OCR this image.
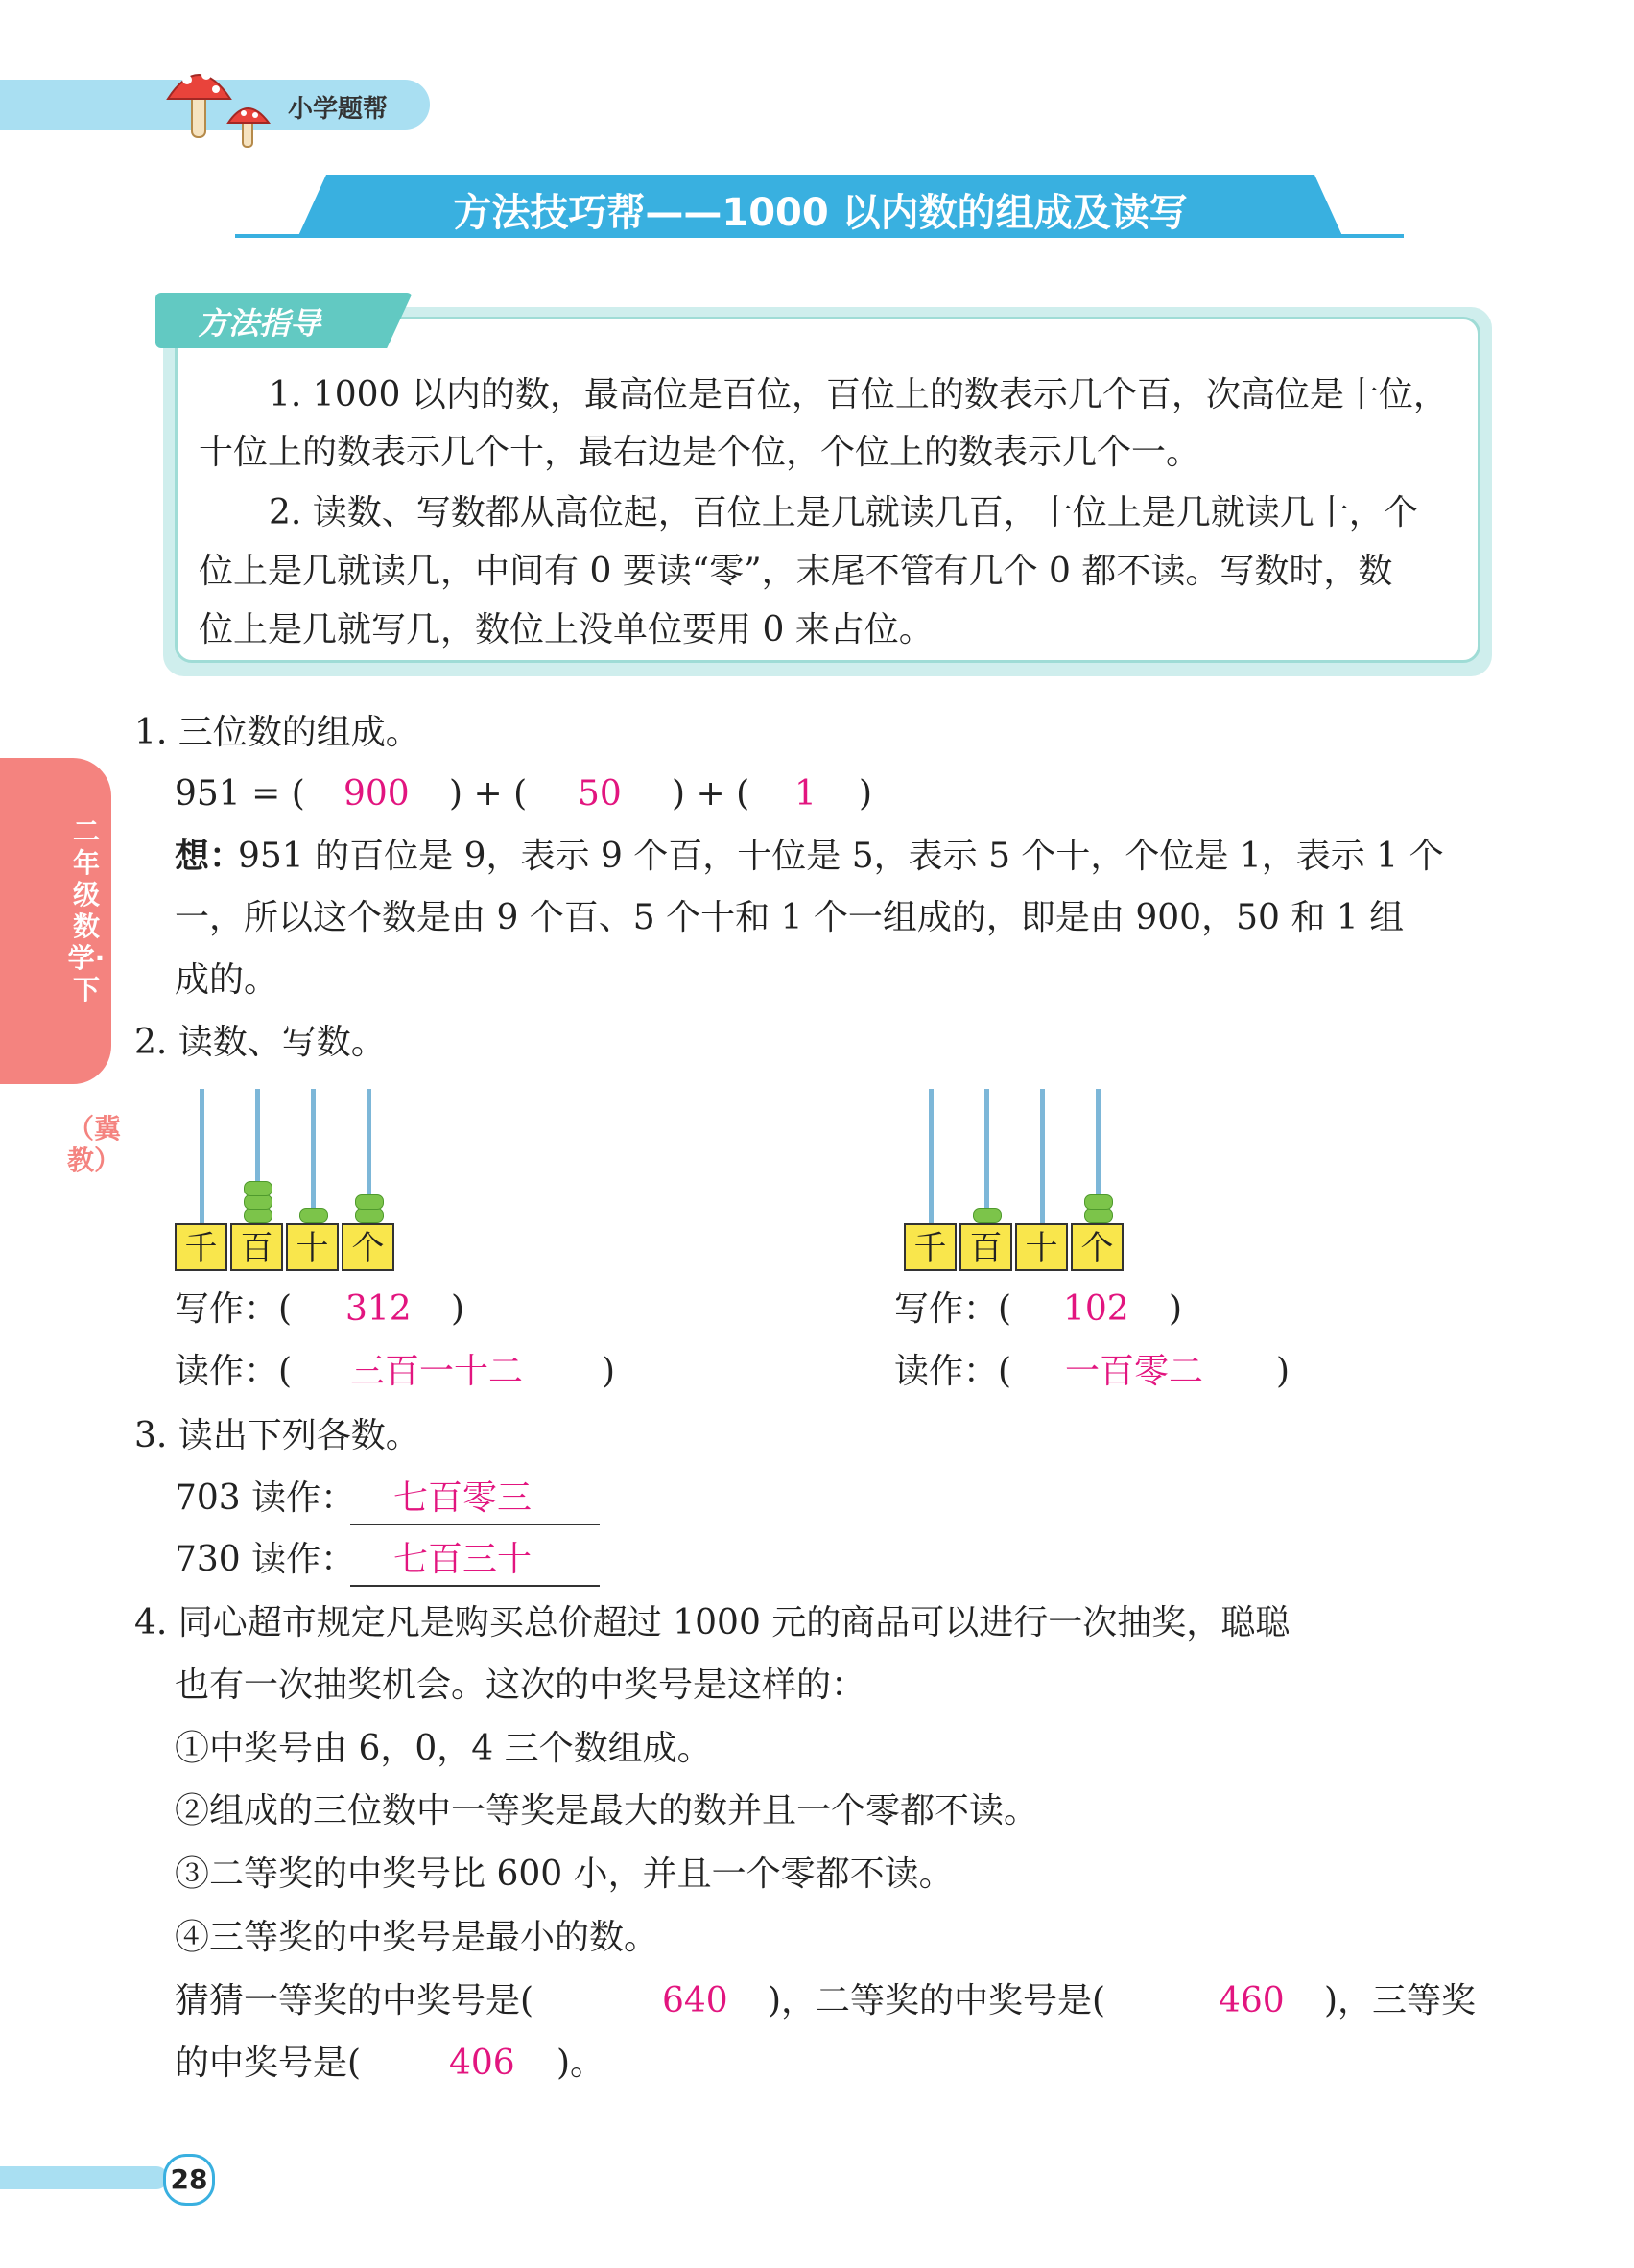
小学题帮
方法技巧帮——1000 以内数的组成及读写
方法指导
1. 1000 以内的数，最高位是百位，百位上的数表示几个百，次高位是十位，
十位上的数表示几个十，最右边是个位，个位上的数表示几个一。
2. 读数、写数都从高位起，百位上是几就读几百，十位上是几就读几十，个
位上是几就读几，中间有 0 要读“零”，末尾不管有几个 0 都不读。写数时，数
位上是几就写几，数位上没单位要用 0 来占位。
二年级数学·下
（冀教）
1. 三位数的组成。
951 = ( 900 ) + ( 50 ) + ( 1 )
想：
951 的百位是 9，表示 9 个百，十位是 5，表示 5 个十，个位是 1，表示 1 个
一，所以这个数是由 9 个百、5 个十和 1 个一组成的，即是由 900，50 和 1 组
成的。
2. 读数、写数。
千 百 十 个	千 百 十 个
写作：( 312 )
读作：( 三百一十二 )
写作：( 102 )
读作：( 一百零二 )
3. 读出下列各数。
703 读作： 七百零三
730 读作： 七百三十
4. 同心超市规定凡是购买总价超过 1000 元的商品可以进行一次抽奖，聪聪
也有一次抽奖机会。这次的中奖号是这样的：
①中奖号由 6，0，4 三个数组成。
②组成的三位数中一等奖是最大的数并且一个零都不读。
③二等奖的中奖号比 600 小，并且一个零都不读。
④三等奖的中奖号是最小的数。
猜猜一等奖的中奖号是(	640 )，二等奖的中奖号是(	460 )，三等奖
的中奖号是(	406 )。
28
